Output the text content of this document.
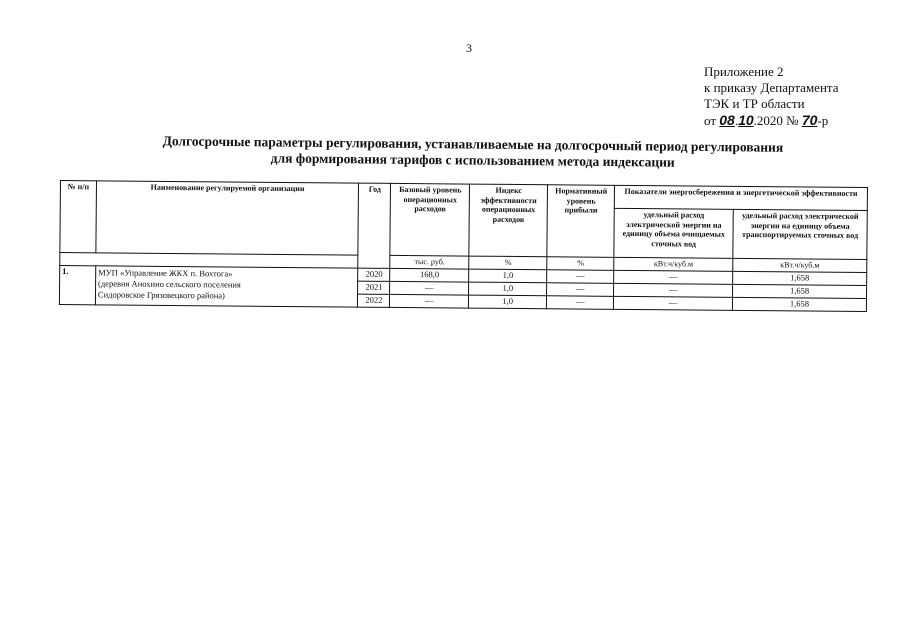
3
Приложение 2
к приказу Департамента
ТЭК и ТР области
от 08.10.2020 № 70-р
Долгосрочные параметры регулирования, устанавливаемые на долгосрочный период регулирования
для формирования тарифов с использованием метода индексации
№ п/п	Наименование регулируемой организации	Год	Базовый уровень операционных расходов	Индекс эффективности операционных расходов	Нормативный уровень прибыли	Показатели энергосбережения и энергетической эффективности	
						удельный расход электрической энергии на единицу объема очищаемых сточных вод	удельный расход электрической энергии на единицу объема транспортируемых сточных вод
			тыс. руб.	%	%	кВт.ч/куб.м	кВт.ч/куб.м
1.	МУП «Управление ЖКХ п. Вохтога»
(деревня Анохино сельского поселения
Сидоровское Грязовецкого района)	2020	168,0	1,0	—	—	1,658
		2021	—	1,0	—	—	1,658
		2022	—	1,0	—	—	1,658
